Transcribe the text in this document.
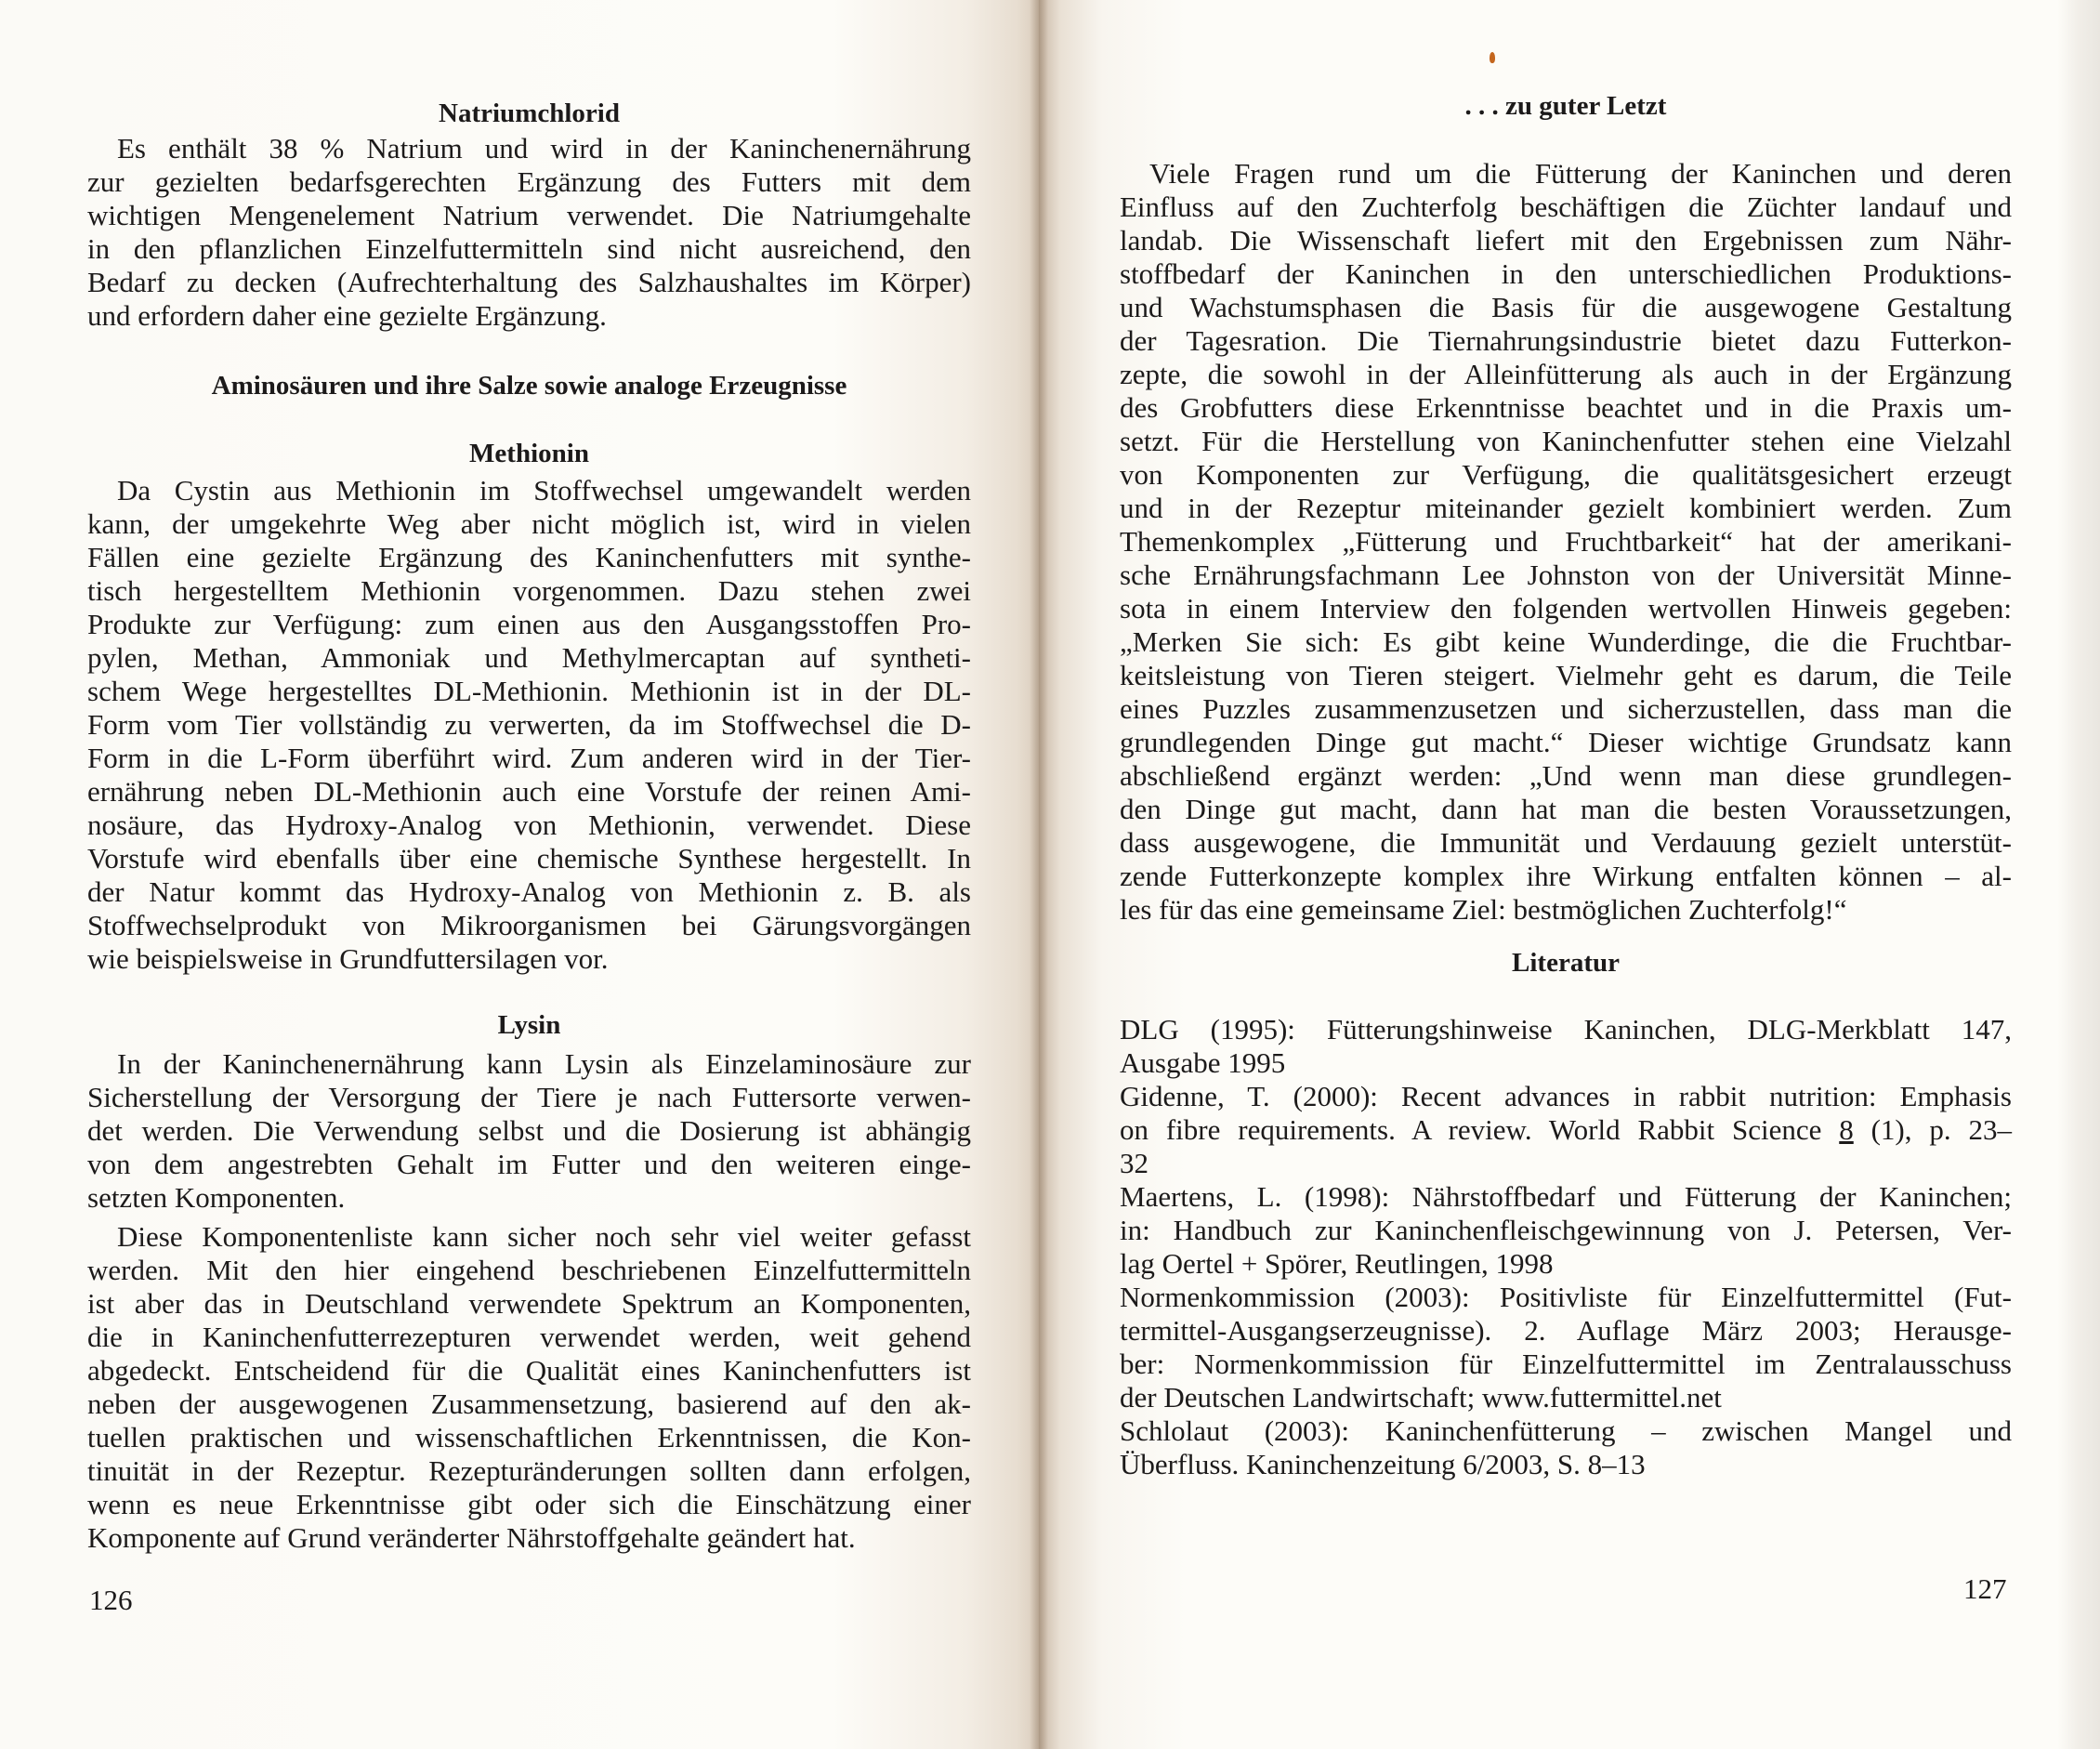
Natriumchlorid
Es enthält 38 % Natrium und wird in der Kaninchenernährung
zur gezielten bedarfsgerechten Ergänzung des Futters mit dem
wichtigen Mengenelement Natrium verwendet. Die Natriumgehalte
in den pflanzlichen Einzelfuttermitteln sind nicht ausreichend, den
Bedarf zu decken (Aufrechterhaltung des Salzhaushaltes im Körper)
und erfordern daher eine gezielte Ergänzung.
Aminosäuren und ihre Salze sowie analoge Erzeugnisse
Methionin
Da Cystin aus Methionin im Stoffwechsel umgewandelt werden
kann, der umgekehrte Weg aber nicht möglich ist, wird in vielen
Fällen eine gezielte Ergänzung des Kaninchenfutters mit synthe-
tisch hergestelltem Methionin vorgenommen. Dazu stehen zwei
Produkte zur Verfügung: zum einen aus den Ausgangsstoffen Pro-
pylen, Methan, Ammoniak und Methylmercaptan auf syntheti-
schem Wege hergestelltes DL-Methionin. Methionin ist in der DL-
Form vom Tier vollständig zu verwerten, da im Stoffwechsel die D-
Form in die L-Form überführt wird. Zum anderen wird in der Tier-
ernährung neben DL-Methionin auch eine Vorstufe der reinen Ami-
nosäure, das Hydroxy-Analog von Methionin, verwendet. Diese
Vorstufe wird ebenfalls über eine chemische Synthese hergestellt. In
der Natur kommt das Hydroxy-Analog von Methionin z. B. als
Stoffwechselprodukt von Mikroorganismen bei Gärungsvorgängen
wie beispielsweise in Grundfuttersilagen vor.
Lysin
In der Kaninchenernährung kann Lysin als Einzelaminosäure zur
Sicherstellung der Versorgung der Tiere je nach Futtersorte verwen-
det werden. Die Verwendung selbst und die Dosierung ist abhängig
von dem angestrebten Gehalt im Futter und den weiteren einge-
setzten Komponenten.
Diese Komponentenliste kann sicher noch sehr viel weiter gefasst
werden. Mit den hier eingehend beschriebenen Einzelfuttermitteln
ist aber das in Deutschland verwendete Spektrum an Komponenten,
die in Kaninchenfutterrezepturen verwendet werden, weit gehend
abgedeckt. Entscheidend für die Qualität eines Kaninchenfutters ist
neben der ausgewogenen Zusammensetzung, basierend auf den ak-
tuellen praktischen und wissenschaftlichen Erkenntnissen, die Kon-
tinuität in der Rezeptur. Rezepturänderungen sollten dann erfolgen,
wenn es neue Erkenntnisse gibt oder sich die Einschätzung einer
Komponente auf Grund veränderter Nährstoffgehalte geändert hat.
126
. . . zu guter Letzt
Viele Fragen rund um die Fütterung der Kaninchen und deren
Einfluss auf den Zuchterfolg beschäftigen die Züchter landauf und
landab. Die Wissenschaft liefert mit den Ergebnissen zum Nähr-
stoffbedarf der Kaninchen in den unterschiedlichen Produktions-
und Wachstumsphasen die Basis für die ausgewogene Gestaltung
der Tagesration. Die Tiernahrungsindustrie bietet dazu Futterkon-
zepte, die sowohl in der Alleinfütterung als auch in der Ergänzung
des Grobfutters diese Erkenntnisse beachtet und in die Praxis um-
setzt. Für die Herstellung von Kaninchenfutter stehen eine Vielzahl
von Komponenten zur Verfügung, die qualitätsgesichert erzeugt
und in der Rezeptur miteinander gezielt kombiniert werden. Zum
Themenkomplex „Fütterung und Fruchtbarkeit“ hat der amerikani-
sche Ernährungsfachmann Lee Johnston von der Universität Minne-
sota in einem Interview den folgenden wertvollen Hinweis gegeben:
„Merken Sie sich: Es gibt keine Wunderdinge, die die Fruchtbar-
keitsleistung von Tieren steigert. Vielmehr geht es darum, die Teile
eines Puzzles zusammenzusetzen und sicherzustellen, dass man die
grundlegenden Dinge gut macht.“ Dieser wichtige Grundsatz kann
abschließend ergänzt werden: „Und wenn man diese grundlegen-
den Dinge gut macht, dann hat man die besten Voraussetzungen,
dass ausgewogene, die Immunität und Verdauung gezielt unterstüt-
zende Futterkonzepte komplex ihre Wirkung entfalten können – al-
les für das eine gemeinsame Ziel: bestmöglichen Zuchterfolg!“
Literatur
DLG (1995): Fütterungshinweise Kaninchen, DLG-Merkblatt 147,
Ausgabe 1995
Gidenne, T. (2000): Recent advances in rabbit nutrition: Emphasis
on fibre requirements. A review. World Rabbit Science 8 (1), p. 23–
32
Maertens, L. (1998): Nährstoffbedarf und Fütterung der Kaninchen;
in: Handbuch zur Kaninchenfleischgewinnung von J. Petersen, Ver-
lag Oertel + Spörer, Reutlingen, 1998
Normenkommission (2003): Positivliste für Einzelfuttermittel (Fut-
termittel-Ausgangserzeugnisse). 2. Auflage März 2003; Herausge-
ber: Normenkommission für Einzelfuttermittel im Zentralausschuss
der Deutschen Landwirtschaft; www.futtermittel.net
Schlolaut (2003): Kaninchenfütterung – zwischen Mangel und
Überfluss. Kaninchenzeitung 6/2003, S. 8–13
127
